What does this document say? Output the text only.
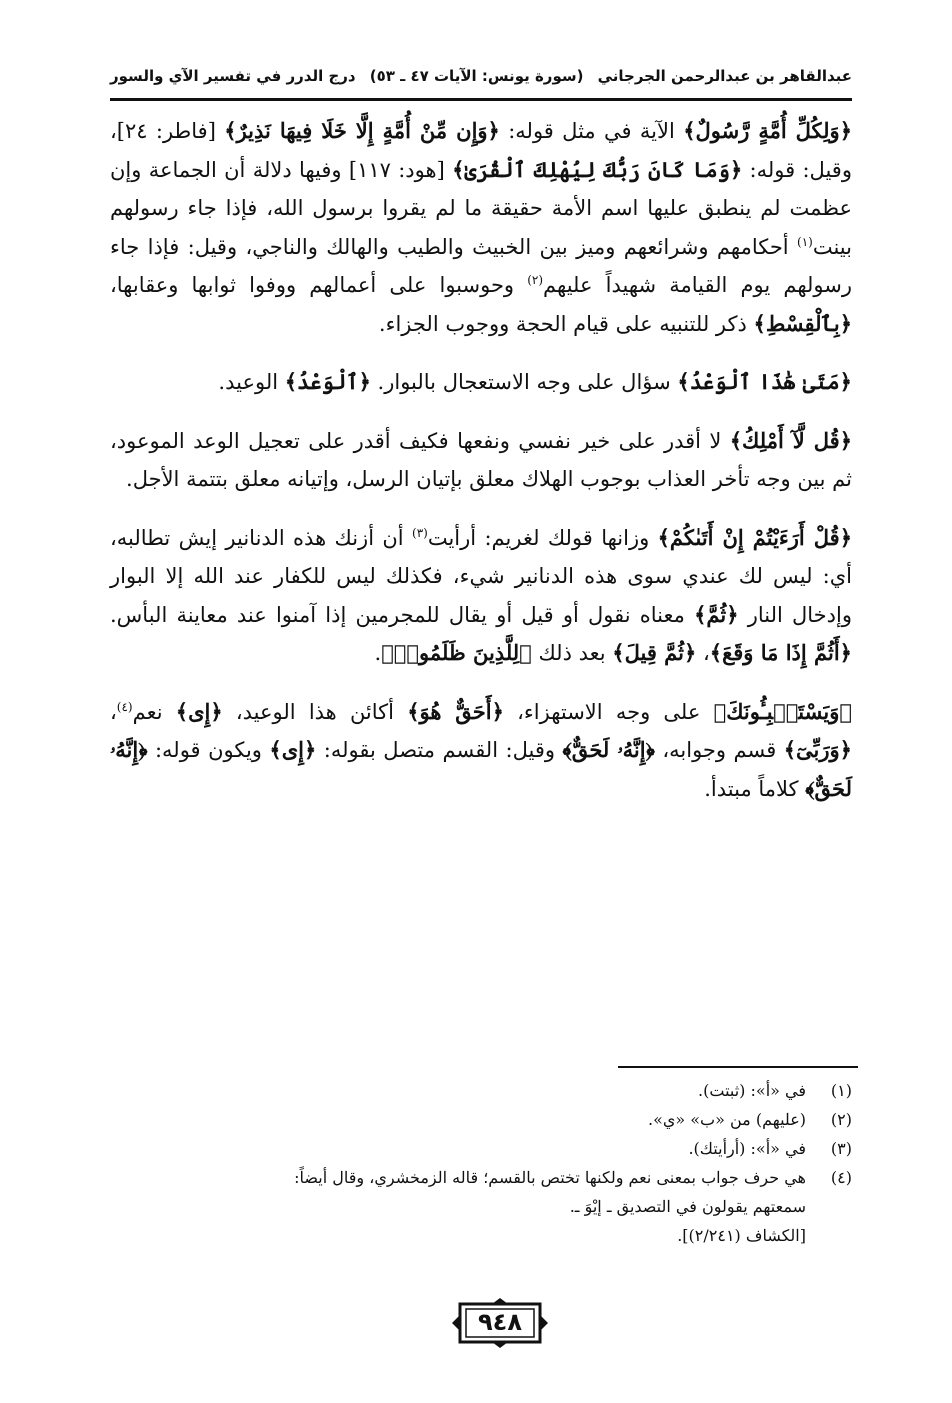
عبدالقاهر بن عبدالرحمن الجرجاني
(سورة يونس: الآيات ٤٧ ـ ٥٣)
درج الدرر في تفسير الآي والسور

﴿وَلِكُلِّ أُمَّةٍ رَّسُولٌ﴾ الآية في مثل قوله: ﴿وَإِن مِّنْ أُمَّةٍ إِلَّا خَلَا فِيهَا نَذِيرٌ﴾ [فاطر: ٢٤]، وقيل: قوله: ﴿وَمَا كَانَ رَبُّكَ لِيُهْلِكَ ٱلْقُرَىٰ﴾ [هود: ١١٧] وفيها دلالة أن الجماعة وإن عظمت لم ينطبق عليها اسم الأمة حقيقة ما لم يقروا برسول الله، فإذا جاء رسولهم بينت$^{(١)}$ أحكامهم وشرائعهم وميز بين الخبيث والطيب والهالك والناجي، وقيل: فإذا جاء رسولهم يوم القيامة شهيداً عليهم$^{(٢)}$ وحوسبوا على أعمالهم ووفوا ثوابها وعقابها، ﴿بِٱلْقِسْطِ﴾ ذكر للتنبيه على قيام الحجة ووجوب الجزاء.

﴿مَتَىٰ هَٰذَا ٱلْوَعْدُ﴾ سؤال على وجه الاستعجال بالبوار. ﴿ٱلْوَعْدُ﴾ الوعيد.

﴿قُل لَّآ أَمْلِكُ﴾ لا أقدر على خير نفسي ونفعها فكيف أقدر على تعجيل الوعد الموعود، ثم بين وجه تأخر العذاب بوجوب الهلاك معلق بإتيان الرسل، وإتيانه معلق بتتمة الأجل.

﴿قُلْ أَرَءَيْتُمْ إِنْ أَتَىٰكُمْ﴾ وزانها قولك لغريم: أرأيت$^{(٣)}$ أن أزنك هذه الدنانير إيش تطالبه، أي: ليس لك عندي سوى هذه الدنانير شيء، فكذلك ليس للكفار عند الله إلا البوار وإدخال النار ﴿ثُمَّ﴾ معناه نقول أو قيل أو يقال للمجرمين إذا آمنوا عند معاينة البأس. ﴿أَثُمَّ إِذَا مَا وَقَعَ﴾، ﴿ثُمَّ قِيلَ﴾ بعد ذلك ﴿لِلَّذِينَ ظَلَمُوا۟﴾.

﴿وَيَسْتَنۢبِـُٔونَكَ﴾ على وجه الاستهزاء، ﴿أَحَقٌّ هُوَ﴾ أكائن هذا الوعيد، ﴿إِى﴾ نعم$^{(٤)}$، ﴿وَرَبِّىٓ﴾ قسم وجوابه، ﴿إِنَّهُۥ لَحَقٌّ﴾ وقيل: القسم متصل بقوله: ﴿إِى﴾ ويكون قوله: ﴿إِنَّهُۥ لَحَقٌّ﴾ كلاماً مبتدأ.

(١)
في «أ»: (ثبتت).
(٢)
(عليهم) من «ب» «ي».
(٣)
في «أ»: (أرأيتك).
(٤)
هي حرف جواب بمعنى نعم ولكنها تختص بالقسم؛ قاله الزمخشري، وقال أيضاً:
سمعتهم يقولون في التصديق ـ إيْوَ ـ.
[الكشاف (٢/٢٤١)].
٩٤٨
